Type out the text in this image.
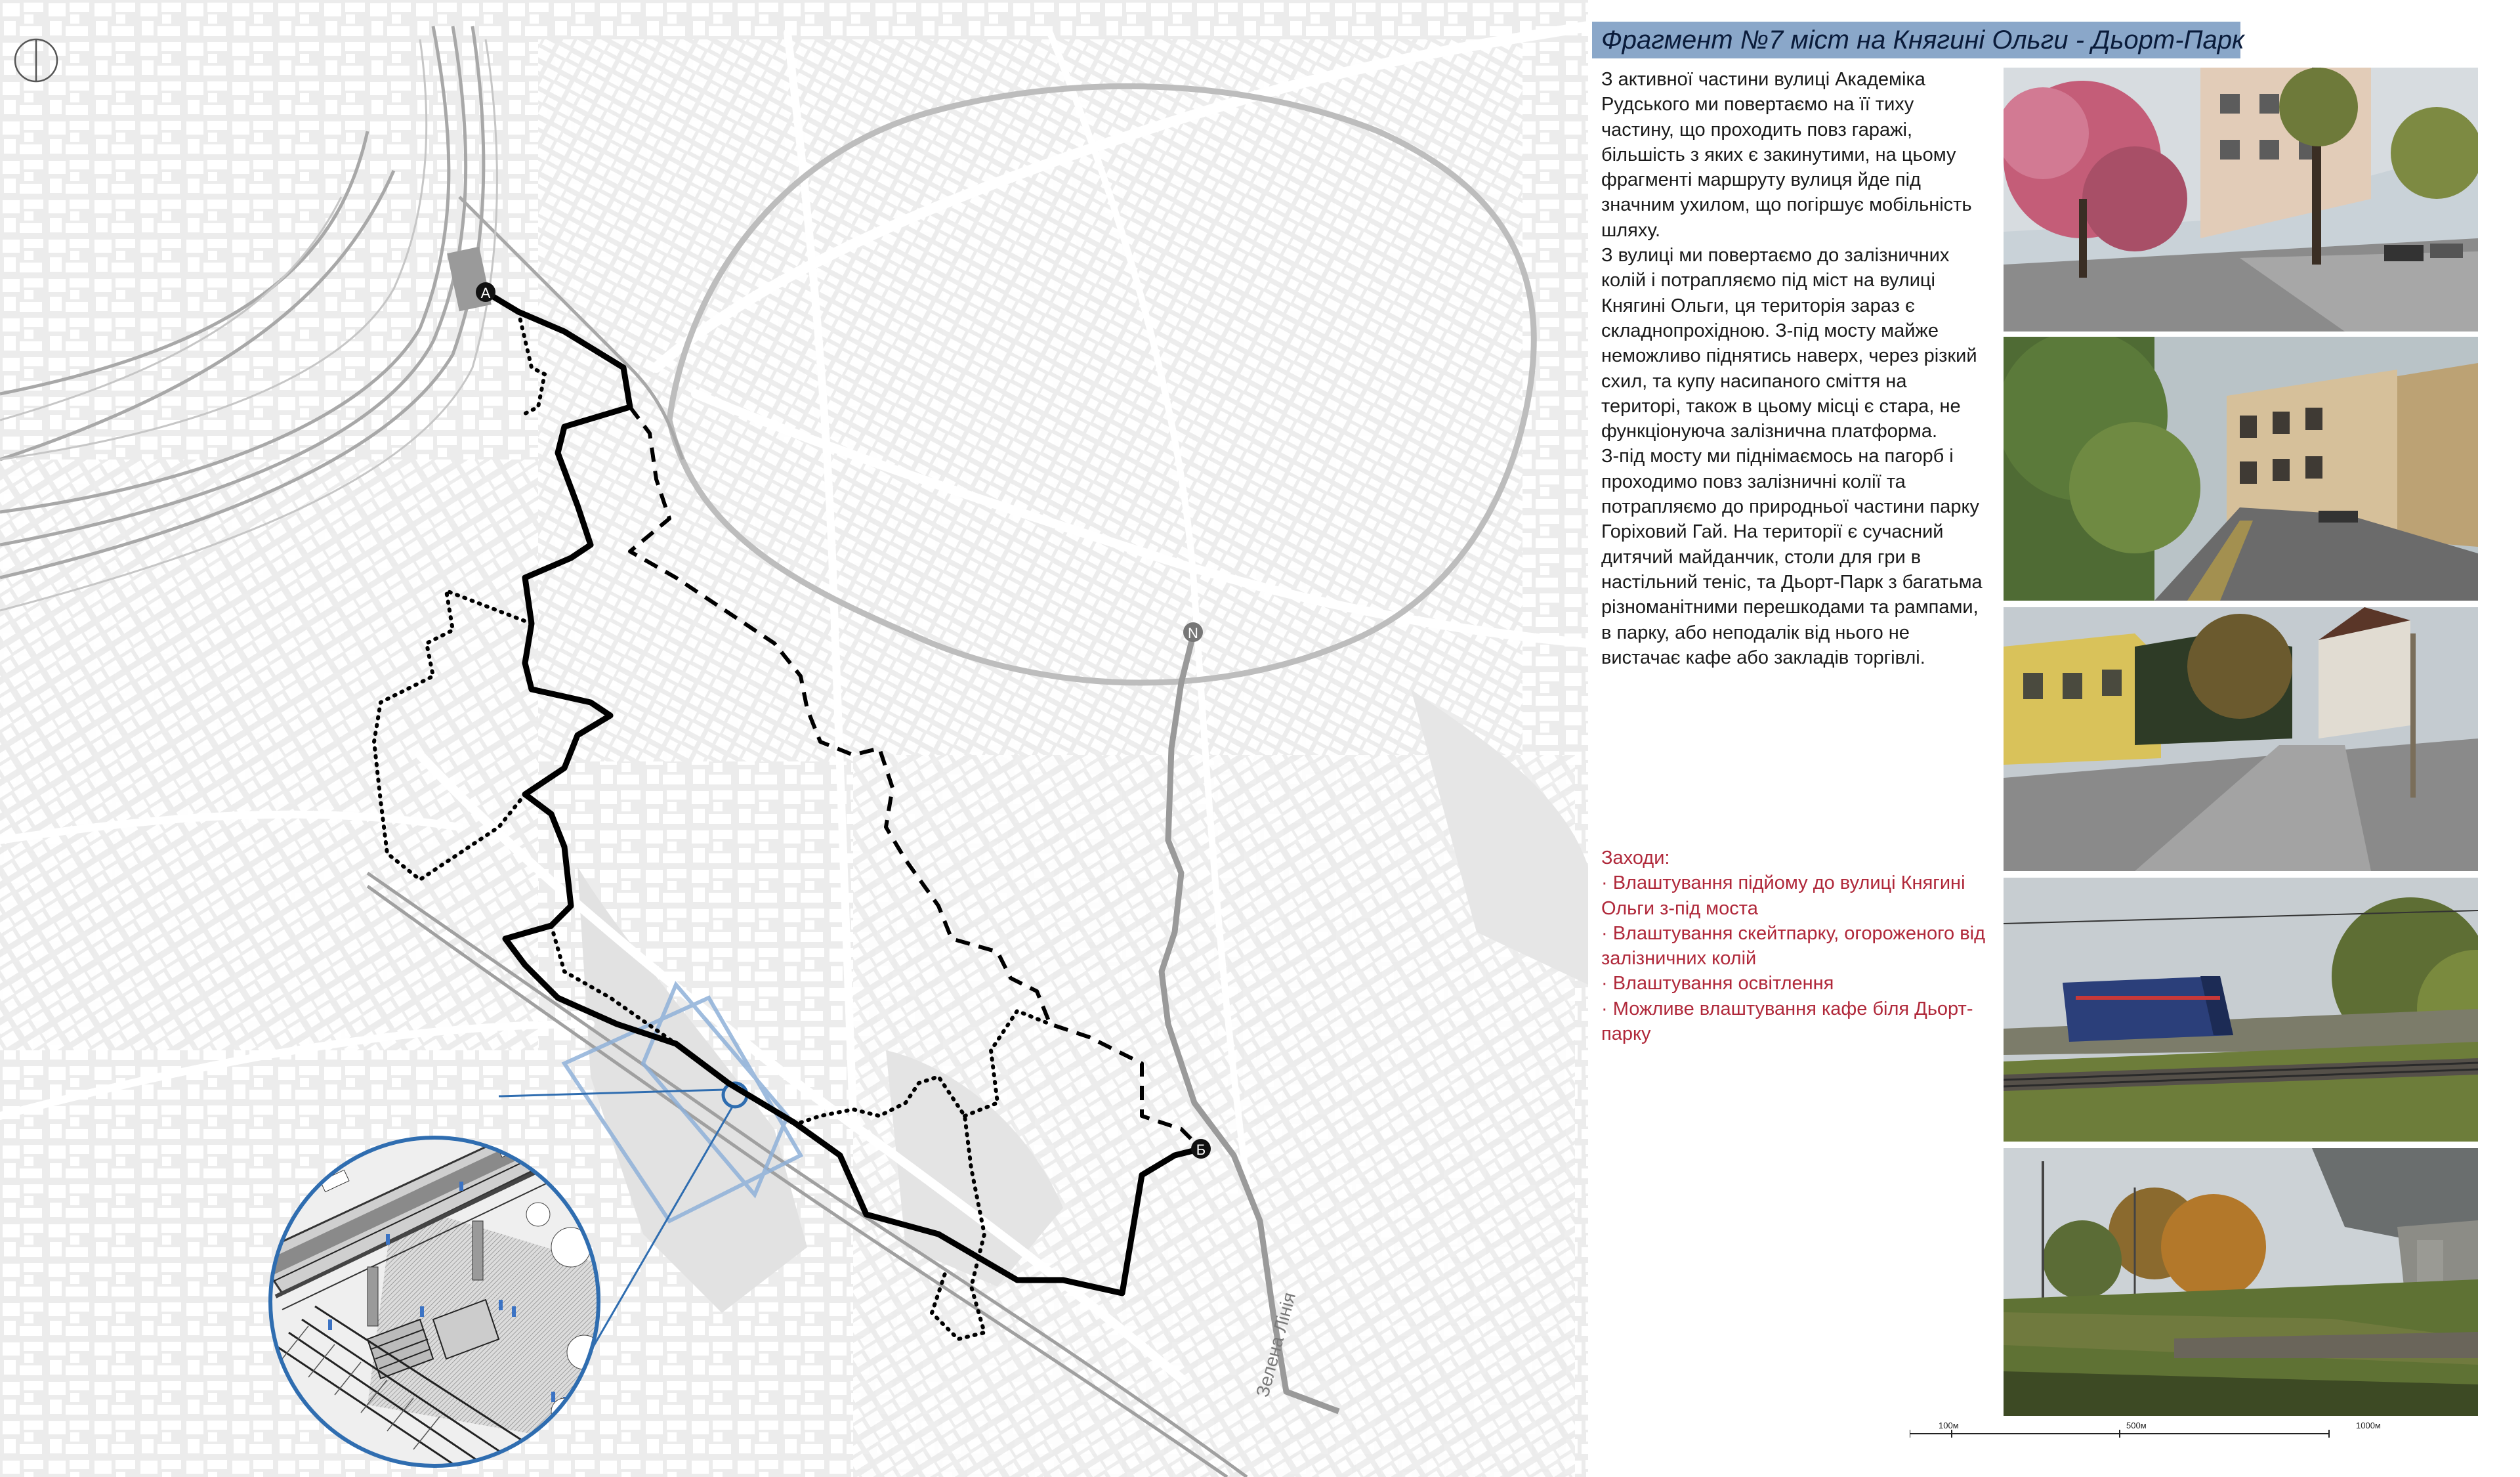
Зелена Лінія
А
Б
N
Фрагмент №7 міст на Княгині Ольги - Дьорт-Парк

З активної частини вулиці Академіка Рудського ми повертаємо на її тиху частину, що проходить повз гаражі, більшість з яких є закинутими, на цьому фрагменті маршруту вулиця йде під значним ухилом, що погіршує мобільність шляху.

З вулиці ми повертаємо до залізничних колій і потрапляємо під міст на вулиці Княгині Ольги, ця територія зараз є складнопрохідною. З-під мосту майже неможливо піднятись наверх, через різкий схил, та купу насипаного сміття на територі, також в цьому місці є стара, не функціонуюча залізнична платформа.

З-під мосту ми піднімаємось на пагорб і проходимо повз залізничні колії та потрапляємо до природньої частини парку Горіховий Гай. На території є сучасний дитячий майданчик, столи для гри в настільний теніс, та Дьорт-Парк з багатьма різноманітними перешкодами та рампами, в парку, або неподалік від нього не вистачає кафе або закладів торгівлі.

Заходи:

· Влаштування підйому до вулиці Княгині Ольги з-під моста

· Влаштування скейтпарку, огороженого від залізничних колій

· Влаштування освітлення

· Можливе влаштування кафе біля Дьорт-парку

100м	500м	1000м
